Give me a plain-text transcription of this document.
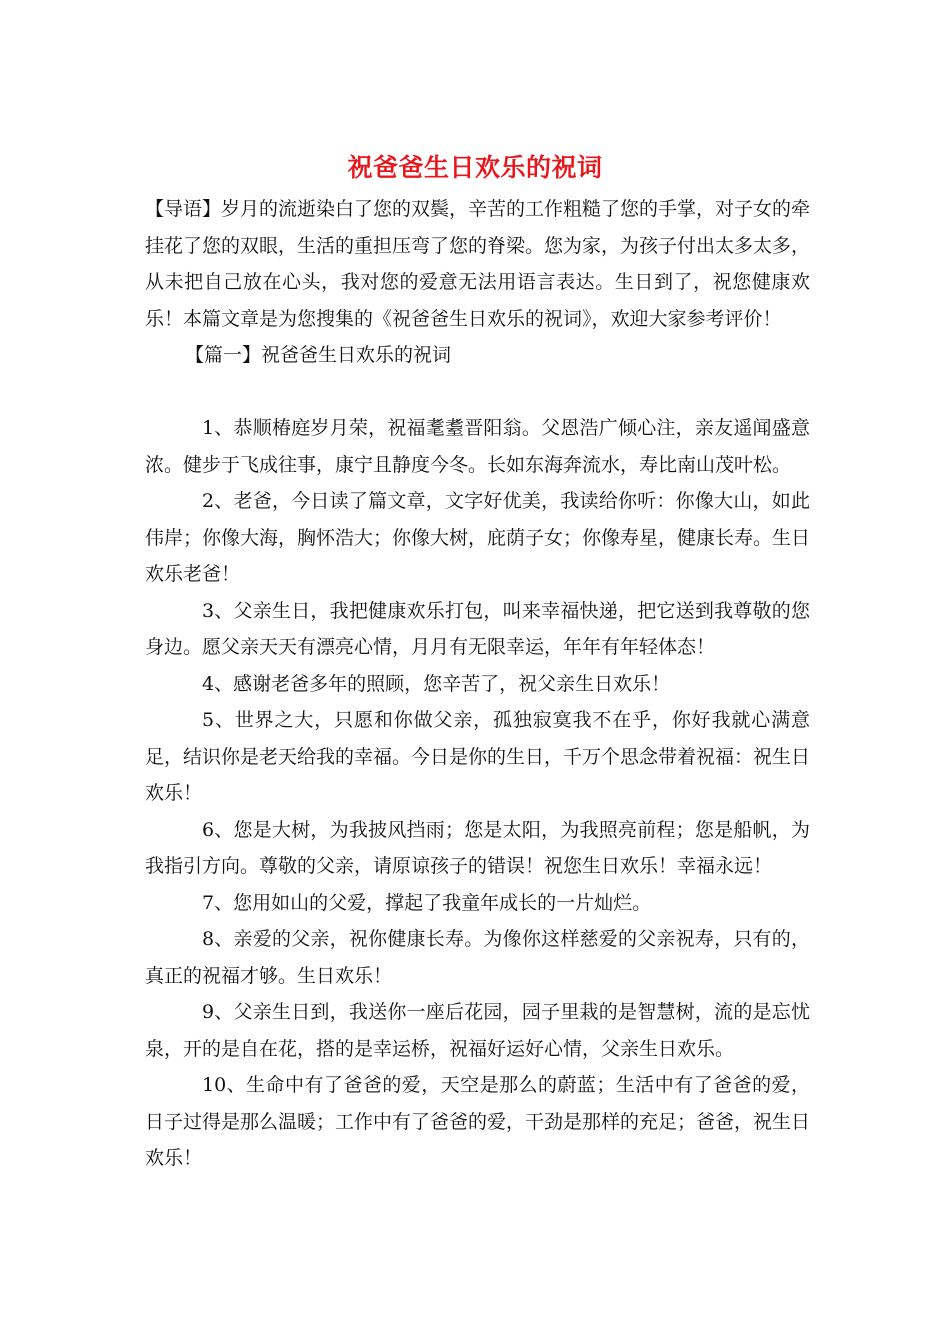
祝爸爸生日欢乐的祝词

【导语】岁月的流逝染白了您的双鬓，辛苦的工作粗糙了您的手掌，对子女的牵挂花了您的双眼，生活的重担压弯了您的脊梁。您为家，为孩子付出太多太多，从未把自己放在心头，我对您的爱意无法用语言表达。生日到了，祝您健康欢乐！本篇文章是为您搜集的《祝爸爸生日欢乐的祝词》，欢迎大家参考评价！

【篇一】祝爸爸生日欢乐的祝词

1、恭顺椿庭岁月荣，祝福耄耋晋阳翁。父恩浩广倾心注，亲友遥闻盛意浓。健步于飞成往事，康宁且静度今冬。长如东海奔流水，寿比南山茂叶松。

2、老爸，今日读了篇文章，文字好优美，我读给你听：你像大山，如此伟岸；你像大海，胸怀浩大；你像大树，庇荫子女；你像寿星，健康长寿。生日欢乐老爸！

3、父亲生日，我把健康欢乐打包，叫来幸福快递，把它送到我尊敬的您身边。愿父亲天天有漂亮心情，月月有无限幸运，年年有年轻体态！

4、感谢老爸多年的照顾，您辛苦了，祝父亲生日欢乐！

5、世界之大，只愿和你做父亲，孤独寂寞我不在乎，你好我就心满意足，结识你是老天给我的幸福。今日是你的生日，千万个思念带着祝福：祝生日欢乐！

6、您是大树，为我披风挡雨；您是太阳，为我照亮前程；您是船帆，为我指引方向。尊敬的父亲，请原谅孩子的错误！祝您生日欢乐！幸福永远！

7、您用如山的父爱，撑起了我童年成长的一片灿烂。

8、亲爱的父亲，祝你健康长寿。为像你这样慈爱的父亲祝寿，只有的，真正的祝福才够。生日欢乐！

9、父亲生日到，我送你一座后花园，园子里栽的是智慧树，流的是忘忧泉，开的是自在花，搭的是幸运桥，祝福好运好心情，父亲生日欢乐。

10、生命中有了爸爸的爱，天空是那么的蔚蓝；生活中有了爸爸的爱，日子过得是那么温暖；工作中有了爸爸的爱，干劲是那样的充足；爸爸，祝生日欢乐！
